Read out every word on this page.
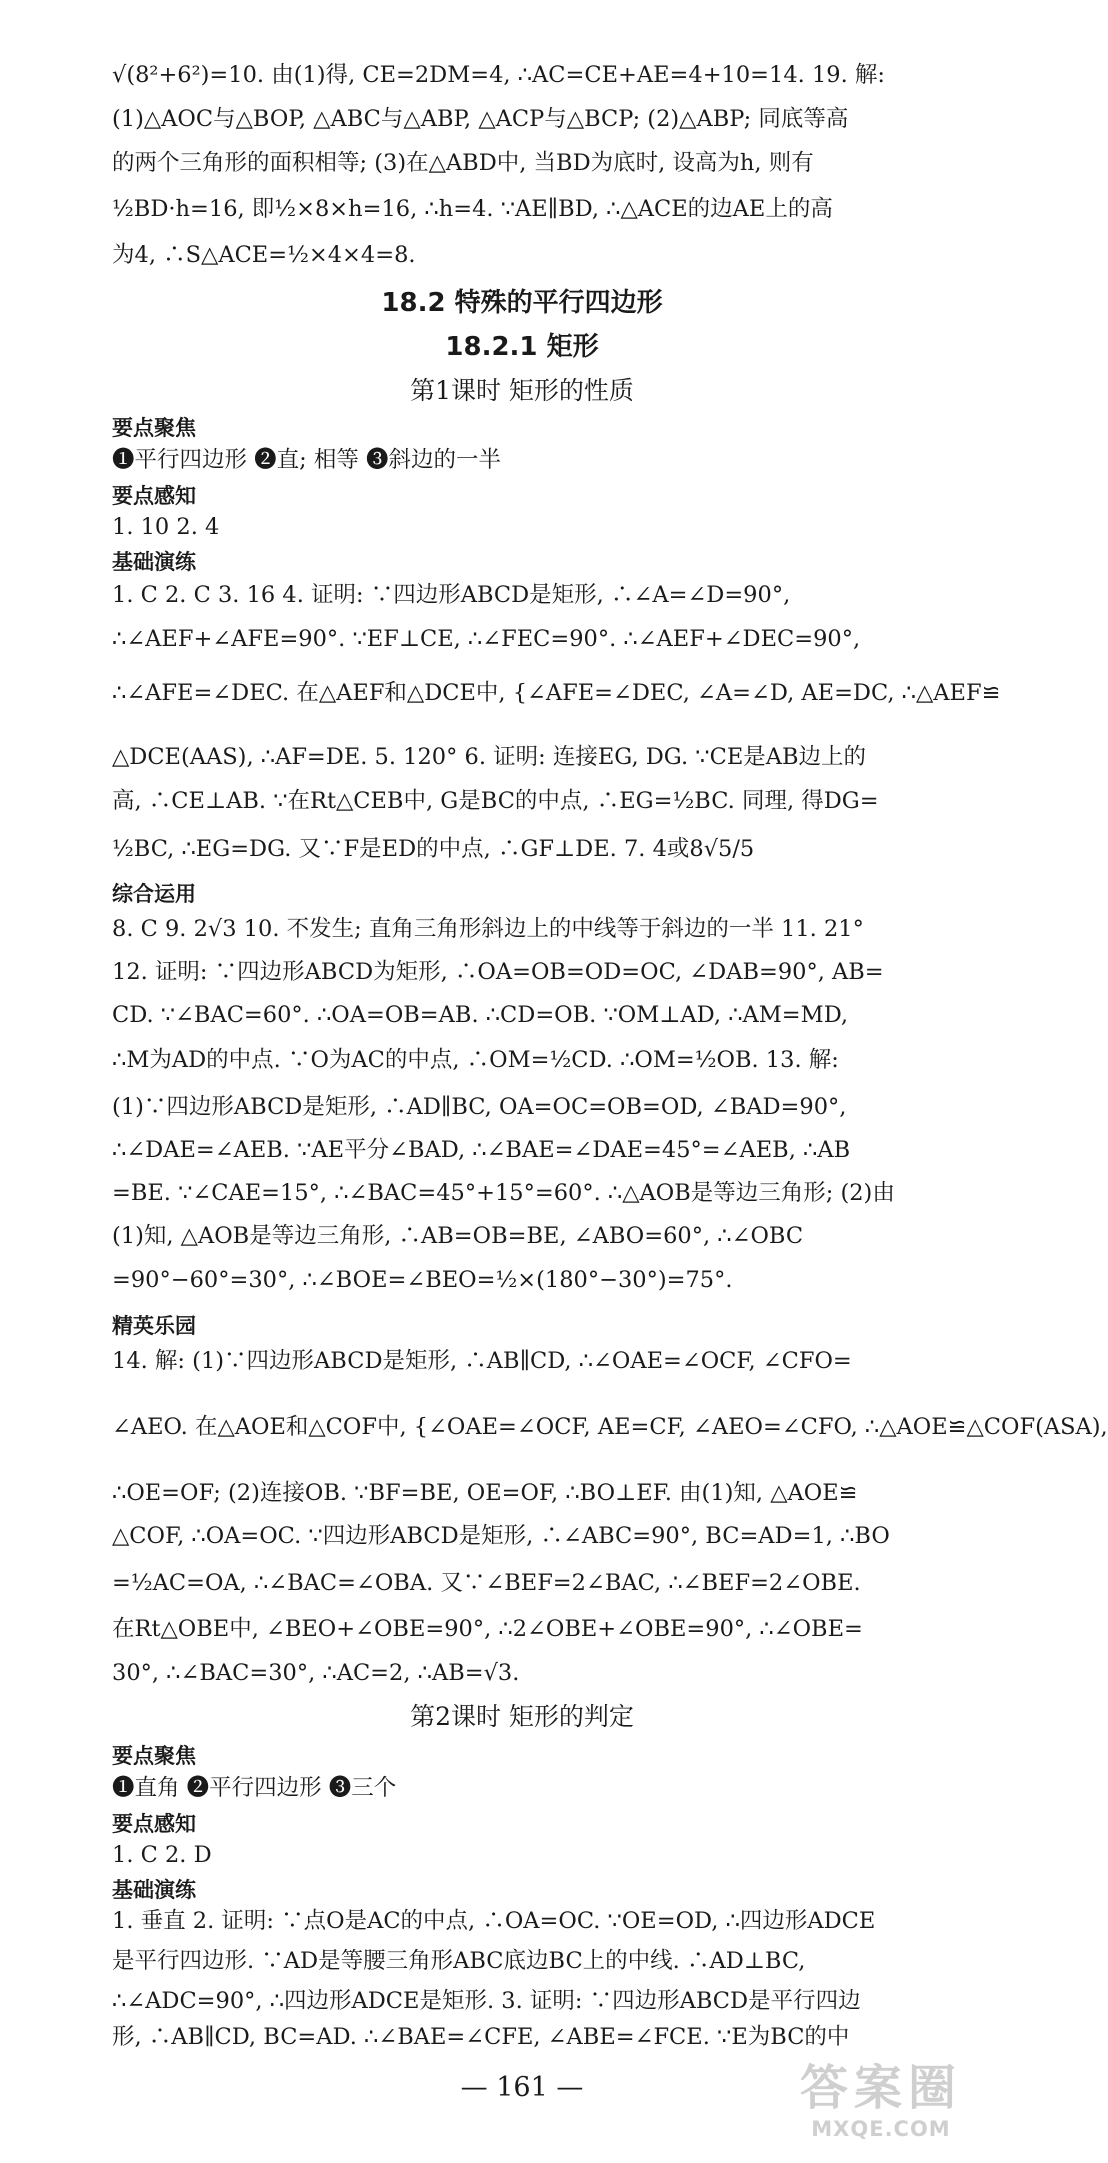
√(8²+6²)=10. 由(1)得, CE=2DM=4, ∴AC=CE+AE=4+10=14. 19. 解:
(1)△AOC与△BOP, △ABC与△ABP, △ACP与△BCP; (2)△ABP; 同底等高
的两个三角形的面积相等; (3)在△ABD中, 当BD为底时, 设高为h, 则有
½BD·h=16, 即½×8×h=16, ∴h=4. ∵AE∥BD, ∴△ACE的边AE上的高
为4, ∴S△ACE=½×4×4=8.
18.2 特殊的平行四边形
18.2.1 矩形
第1课时 矩形的性质
要点聚焦
❶平行四边形 ❷直; 相等 ❸斜边的一半
要点感知
1. 10 2. 4
基础演练
1. C 2. C 3. 16 4. 证明: ∵四边形ABCD是矩形, ∴∠A=∠D=90°,
∴∠AEF+∠AFE=90°. ∵EF⊥CE, ∴∠FEC=90°. ∴∠AEF+∠DEC=90°,
∴∠AFE=∠DEC. 在△AEF和△DCE中, {∠AFE=∠DEC, ∠A=∠D, AE=DC, ∴△AEF≌
△DCE(AAS), ∴AF=DE. 5. 120° 6. 证明: 连接EG, DG. ∵CE是AB边上的
高, ∴CE⊥AB. ∵在Rt△CEB中, G是BC的中点, ∴EG=½BC. 同理, 得DG=
½BC, ∴EG=DG. 又∵F是ED的中点, ∴GF⊥DE. 7. 4或8√5/5
综合运用
8. C 9. 2√3 10. 不发生; 直角三角形斜边上的中线等于斜边的一半 11. 21°
12. 证明: ∵四边形ABCD为矩形, ∴OA=OB=OD=OC, ∠DAB=90°, AB=
CD. ∵∠BAC=60°. ∴OA=OB=AB. ∴CD=OB. ∵OM⊥AD, ∴AM=MD,
∴M为AD的中点. ∵O为AC的中点, ∴OM=½CD. ∴OM=½OB. 13. 解:
(1)∵四边形ABCD是矩形, ∴AD∥BC, OA=OC=OB=OD, ∠BAD=90°,
∴∠DAE=∠AEB. ∵AE平分∠BAD, ∴∠BAE=∠DAE=45°=∠AEB, ∴AB
=BE. ∵∠CAE=15°, ∴∠BAC=45°+15°=60°. ∴△AOB是等边三角形; (2)由
(1)知, △AOB是等边三角形, ∴AB=OB=BE, ∠ABO=60°, ∴∠OBC
=90°−60°=30°, ∴∠BOE=∠BEO=½×(180°−30°)=75°.
精英乐园
14. 解: (1)∵四边形ABCD是矩形, ∴AB∥CD, ∴∠OAE=∠OCF, ∠CFO=
∠AEO. 在△AOE和△COF中, {∠OAE=∠OCF, AE=CF, ∠AEO=∠CFO, ∴△AOE≌△COF(ASA),
∴OE=OF; (2)连接OB. ∵BF=BE, OE=OF, ∴BO⊥EF. 由(1)知, △AOE≌
△COF, ∴OA=OC. ∵四边形ABCD是矩形, ∴∠ABC=90°, BC=AD=1, ∴BO
=½AC=OA, ∴∠BAC=∠OBA. 又∵∠BEF=2∠BAC, ∴∠BEF=2∠OBE.
在Rt△OBE中, ∠BEO+∠OBE=90°, ∴2∠OBE+∠OBE=90°, ∴∠OBE=
30°, ∴∠BAC=30°, ∴AC=2, ∴AB=√3.
第2课时 矩形的判定
要点聚焦
❶直角 ❷平行四边形 ❸三个
要点感知
1. C 2. D
基础演练
1. 垂直 2. 证明: ∵点O是AC的中点, ∴OA=OC. ∵OE=OD, ∴四边形ADCE
是平行四边形. ∵AD是等腰三角形ABC底边BC上的中线. ∴AD⊥BC,
∴∠ADC=90°, ∴四边形ADCE是矩形. 3. 证明: ∵四边形ABCD是平行四边
形, ∴AB∥CD, BC=AD. ∴∠BAE=∠CFE, ∠ABE=∠FCE. ∵E为BC的中
— 161 —	答案圈
MXQE.COM
